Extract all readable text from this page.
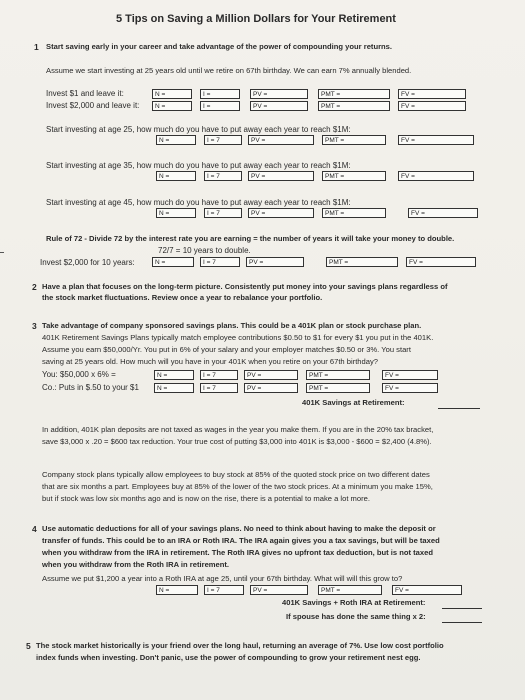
5 Tips on Saving a Million Dollars for Your Retirement
1 Start saving early in your career and take advantage of the power of compounding your returns.
Assume we start investing at 25 years old until we retire on 67th birthday. We can earn 7% annually blended.
Invest $1 and leave it:	N =	I =	PV =	PMT =	FV =
Invest $2,000 and leave it:	N =	I =	PV =	PMT =	FV =
Start investing at age 25, how much do you have to put away each year to reach $1M:
N =	I = 7	PV =	PMT =	FV =
Start investing at age 35, how much do you have to put away each year to reach $1M:
N =	I = 7	PV =	PMT =	FV =
Start investing at age 45, how much do you have to put away each year to reach $1M:
N =	I = 7	PV =	PMT =	FV =
Rule of 72 - Divide 72 by the interest rate you are earning = the number of years it will take your money to double.
72/7 = 10 years to double.
Invest $2,000 for 10 years:	N =	I = 7	PV =	PMT =	FV =
2 Have a plan that focuses on the long-term picture. Consistently put money into your savings plans regardless of
the stock market fluctuations. Review once a year to rebalance your portfolio.
3 Take advantage of company sponsored savings plans. This could be a 401K plan or stock purchase plan.
401K Retirement Savings Plans typically match employee contributions $0.50 to $1 for every $1 you put in the 401K.
Assume you earn $50,000/Yr. You put in 6% of your salary and your employer matches $0.50 or 3%. You start
saving at 25 years old. How much will you have in your 401K when you retire on your 67th birthday?
You: $50,000 x 6% =	N =	I = 7	PV =	PMT =	FV =
Co.: Puts in $.50 to your $1	N =	I = 7	PV =	PMT =	FV =
401K Savings at Retirement:
In addition, 401K plan deposits are not taxed as wages in the year you make them. If you are in the 20% tax bracket,
save $3,000 x .20 = $600 tax reduction. Your true cost of putting $3,000 into 401K is $3,000 - $600 = $2,400 (4.8%).
Company stock plans typically allow employees to buy stock at 85% of the quoted stock price on two different dates
that are six months a part. Employees buy at 85% of the lower of the two stock prices. At a minimum you make 15%,
but if stock was low six months ago and is now on the rise, there is a potential to make a lot more.
4 Use automatic deductions for all of your savings plans. No need to think about having to make the deposit or
transfer of funds. This could be to an IRA or Roth IRA. The IRA again gives you a tax savings, but will be taxed
when you withdraw from the IRA in retirement. The Roth IRA gives no upfront tax deduction, but is not taxed
when you withdraw from the Roth IRA in retirement.
Assume we put $1,200 a year into a Roth IRA at age 25, until your 67th birthday. What will will this grow to?
N =	I = 7	PV =	PMT =	FV =
401K Savings + Roth IRA at Retirement:
If spouse has done the same thing x 2:
5 The stock market historically is your friend over the long haul, returning an average of 7%. Use low cost portfolio
index funds when investing. Don't panic, use the power of compounding to grow your retirement nest egg.
